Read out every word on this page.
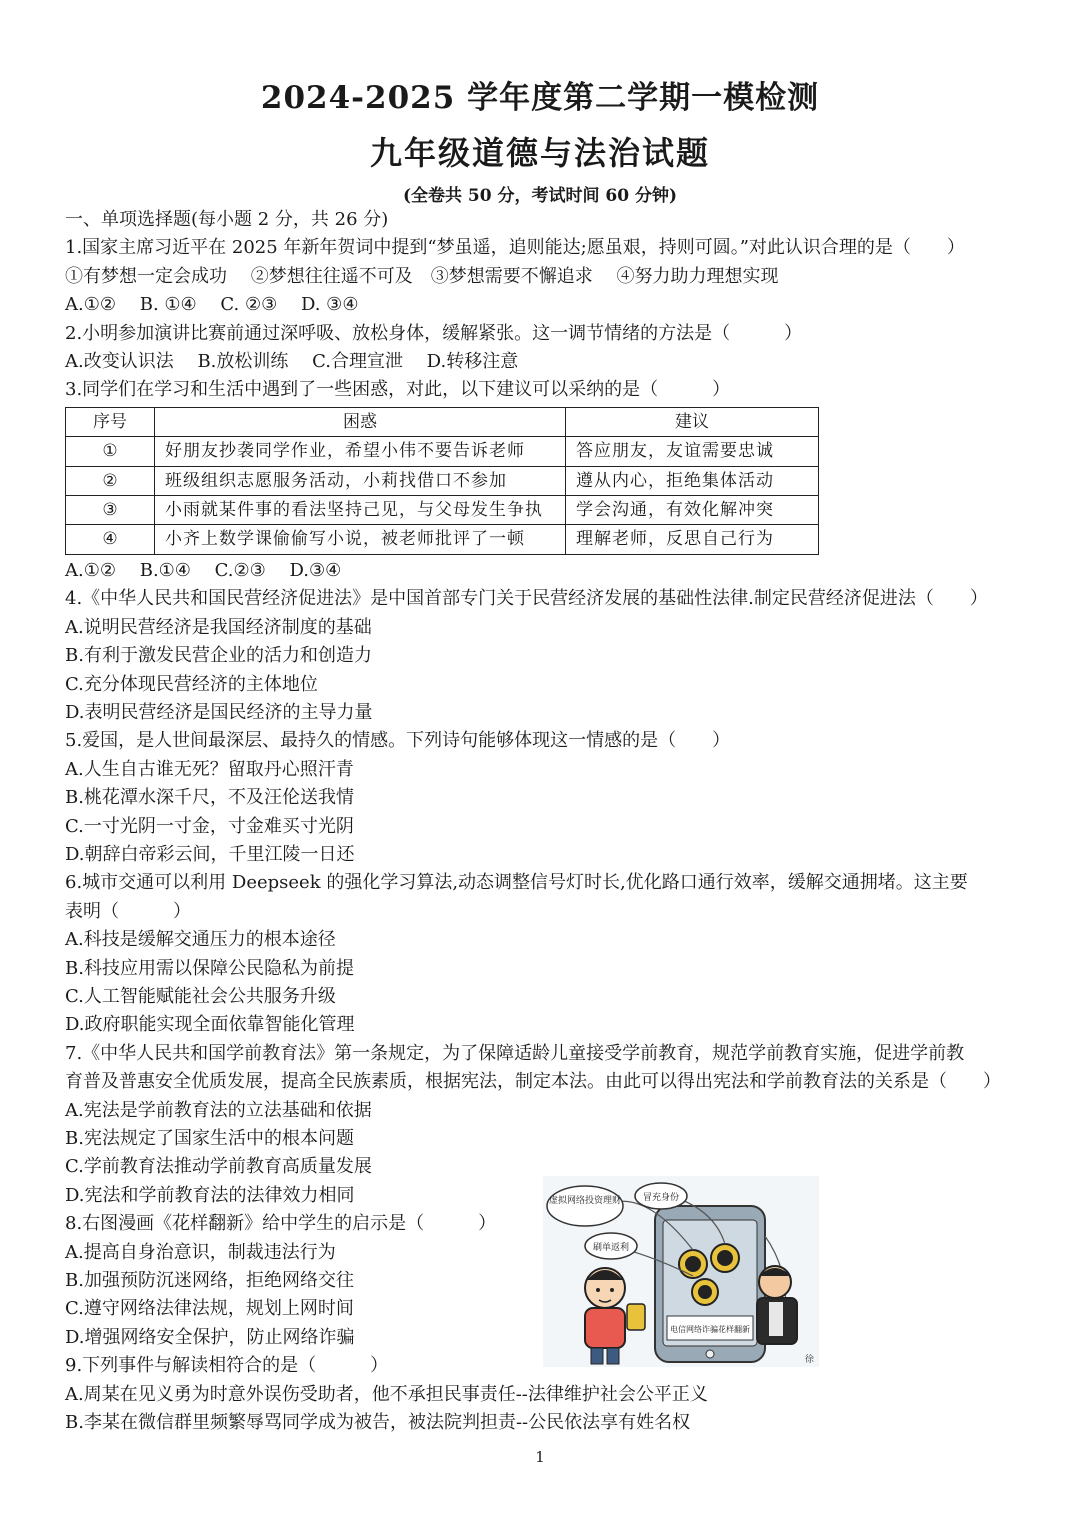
2024-2025 学年度第二学期一模检测
九年级道德与法治试题
(全卷共 50 分，考试时间 60 分钟)
一、单项选择题(每小题 2 分，共 26 分)
1.国家主席习近平在 2025 年新年贺词中提到“梦虽遥，追则能达;愿虽艰，持则可圆。”对此认识合理的是（　　）
①有梦想一定会成功　 ②梦想往往遥不可及　③梦想需要不懈追求　 ④努力助力理想实现
A.①②　 B. ①④　 C. ②③　 D. ③④
2.小明参加演讲比赛前通过深呼吸、放松身体，缓解紧张。这一调节情绪的方法是（　　　）
A.改变认识法　 B.放松训练　 C.合理宣泄　 D.转移注意
3.同学们在学习和生活中遇到了一些困惑，对此，以下建议可以采纳的是（　　　）
序号	困惑	建议
①	好朋友抄袭同学作业，希望小伟不要告诉老师	答应朋友，友谊需要忠诚
②	班级组织志愿服务活动，小莉找借口不参加	遵从内心，拒绝集体活动
③	小雨就某件事的看法坚持己见，与父母发生争执	学会沟通，有效化解冲突
④	小齐上数学课偷偷写小说，被老师批评了一顿	理解老师，反思自己行为
A.①②　 B.①④　 C.②③　 D.③④
4.《中华人民共和国民营经济促进法》是中国首部专门关于民营经济发展的基础性法律.制定民营经济促进法（　　）
A.说明民营经济是我国经济制度的基础
B.有利于激发民营企业的活力和创造力
C.充分体现民营经济的主体地位
D.表明民营经济是国民经济的主导力量
5.爱国，是人世间最深层、最持久的情感。下列诗句能够体现这一情感的是（　　）
A.人生自古谁无死？留取丹心照汗青
B.桃花潭水深千尺，不及汪伦送我情
C.一寸光阴一寸金，寸金难买寸光阴
D.朝辞白帝彩云间，千里江陵一日还
6.城市交通可以利用 Deepseek 的强化学习算法,动态调整信号灯时长,优化路口通行效率，缓解交通拥堵。这主要
表明（　　　）
A.科技是缓解交通压力的根本途径
B.科技应用需以保障公民隐私为前提
C.人工智能赋能社会公共服务升级
D.政府职能实现全面依靠智能化管理
7.《中华人民共和国学前教育法》第一条规定，为了保障适龄儿童接受学前教育，规范学前教育实施，促进学前教
育普及普惠安全优质发展，提高全民族素质，根据宪法，制定本法。由此可以得出宪法和学前教育法的关系是（　　）
A.宪法是学前教育法的立法基础和依据
B.宪法规定了国家生活中的根本问题
C.学前教育法推动学前教育高质量发展
D.宪法和学前教育法的法律效力相同
8.右图漫画《花样翻新》给中学生的启示是（　　　）
A.提高自身治意识，制裁违法行为
B.加强预防沉迷网络，拒绝网络交往
C.遵守网络法律法规，规划上网时间
D.增强网络安全保护，防止网络诈骗
9.下列事件与解读相符合的是（　　　）
A.周某在见义勇为时意外误伤受助者，他不承担民事责任--法律维护社会公平正义
B.李某在微信群里频繁辱骂同学成为被告，被法院判担责--公民依法享有姓名权
虚拟网络投资理财 冒充身份
刷单返利
电信网络诈骗花样翻新
徐
1
